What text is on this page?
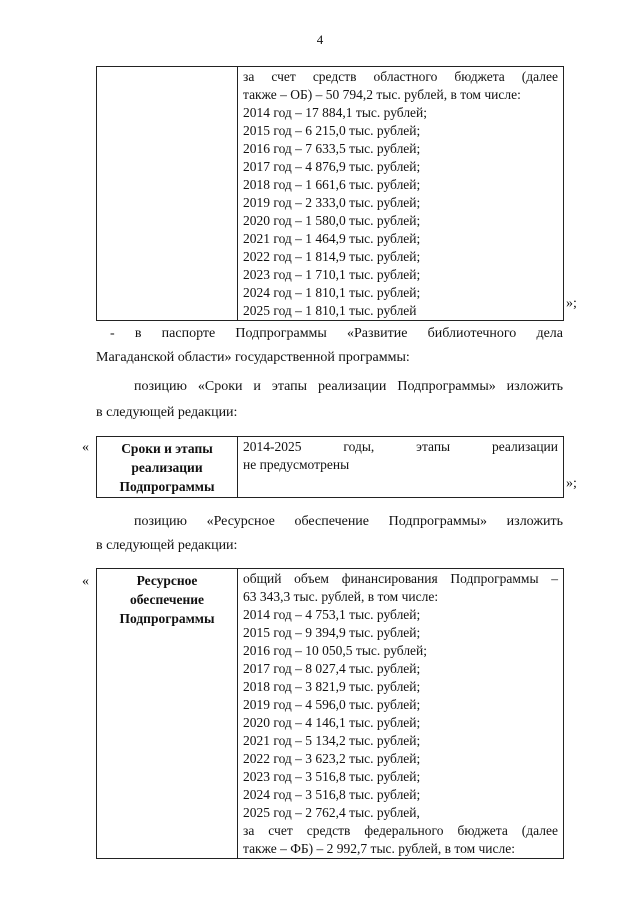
4

за счет средств областного бюджета (далее
также – ОБ) – 50 794,2 тыс. рублей, в том числе:
2014 год – 17 884,1 тыс. рублей;
2015 год – 6 215,0 тыс. рублей;
2016 год – 7 633,5 тыс. рублей;
2017 год – 4 876,9 тыс. рублей;
2018 год – 1 661,6 тыс. рублей;
2019 год – 2 333,0 тыс. рублей;
2020 год – 1 580,0 тыс. рублей;
2021 год – 1 464,9 тыс. рублей;
2022 год – 1 814,9 тыс. рублей;
2023 год – 1 710,1 тыс. рублей;
2024 год – 1 810,1 тыс. рублей;
2025 год – 1 810,1 тыс. рублей	»;
- в паспорте Подпрограммы «Развитие библиотечного дела
Магаданской области» государственной программы:
позицию «Сроки и этапы реализации Подпрограммы» изложить
в следующей редакции:
«	Сроки и этапы
реализации
Подпрограммы

2014-2025 годы, этапы реализации
не предусмотрены
»;
позицию «Ресурсное обеспечение Подпрограммы» изложить
в следующей редакции:
«	Ресурсное
обеспечение
Подпрограммы

общий объем финансирования Подпрограммы –
63 343,3 тыс. рублей, в том числе:
2014 год – 4 753,1 тыс. рублей;
2015 год – 9 394,9 тыс. рублей;
2016 год – 10 050,5 тыс. рублей;
2017 год – 8 027,4 тыс. рублей;
2018 год – 3 821,9 тыс. рублей;
2019 год – 4 596,0 тыс. рублей;
2020 год – 4 146,1 тыс. рублей;
2021 год – 5 134,2 тыс. рублей;
2022 год – 3 623,2 тыс. рублей;
2023 год – 3 516,8 тыс. рублей;
2024 год – 3 516,8 тыс. рублей;
2025 год – 2 762,4 тыс. рублей,
за счет средств федерального бюджета (далее
также – ФБ) – 2 992,7 тыс. рублей, в том числе:
